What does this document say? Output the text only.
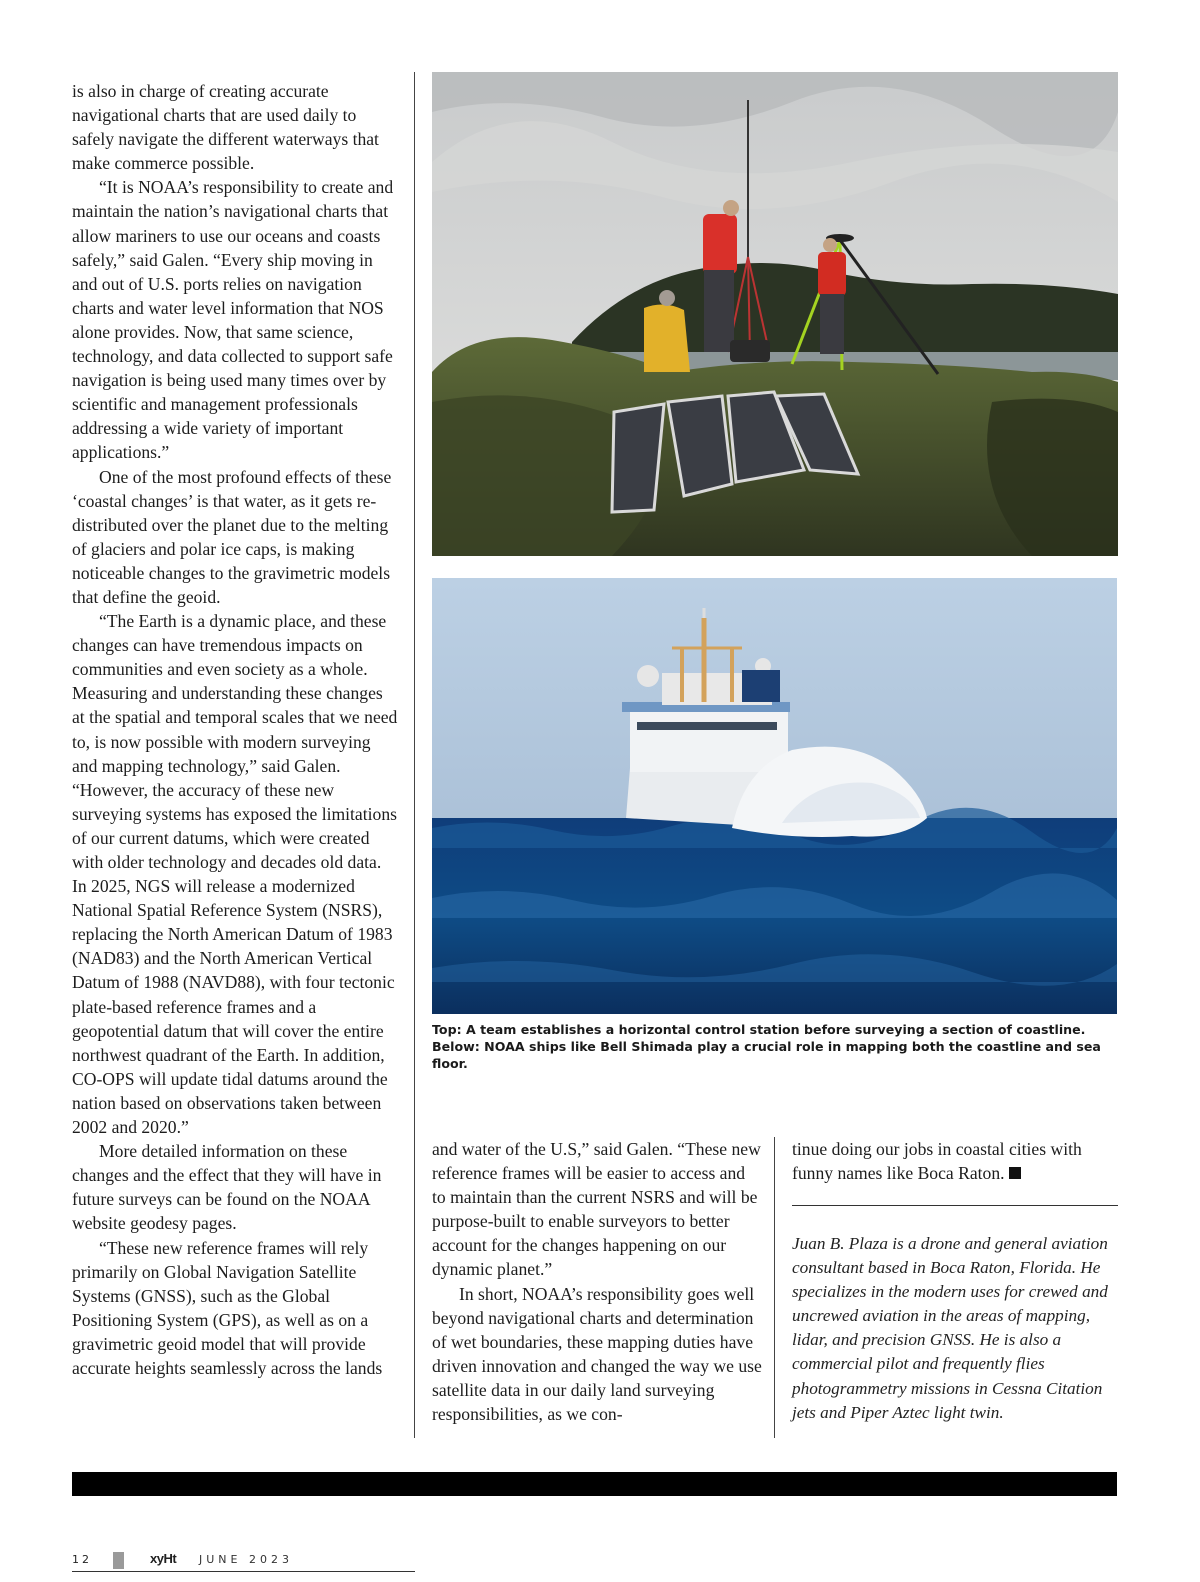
is also in charge of creating accurate navigational charts that are used daily to safely navigate the different waterways that make commerce possible.

“It is NOAA’s responsibility to create and maintain the nation’s navigational charts that allow mariners to use our oceans and coasts safely,” said Galen. “Every ship moving in and out of U.S. ports relies on navigation charts and water level information that NOS alone provides. Now, that same science, technology, and data collected to support safe navigation is being used many times over by scientific and management professionals addressing a wide variety of important applications.”

One of the most profound effects of these ‘coastal changes’ is that water, as it gets re-distributed over the planet due to the melting of glaciers and polar ice caps, is making noticeable changes to the gravimetric models that define the geoid.

“The Earth is a dynamic place, and these changes can have tremendous impacts on communities and even society as a whole. Measuring and understanding these changes at the spatial and temporal scales that we need to, is now possible with modern surveying and mapping technology,” said Galen. “However, the accuracy of these new surveying systems has exposed the limitations of our current datums, which were created with older technology and decades old data. In 2025, NGS will release a modernized National Spatial Reference System (NSRS), replacing the North American Datum of 1983 (NAD83) and the North American Vertical Datum of 1988 (NAVD88), with four tectonic plate-based reference frames and a geopotential datum that will cover the entire northwest quadrant of the Earth. In addition, CO-OPS will update tidal datums around the nation based on observations taken between 2002 and 2020.”

More detailed information on these changes and the effect that they will have in future surveys can be found on the NOAA website geodesy pages.

“These new reference frames will rely primarily on Global Navigation Satellite Systems (GNSS), such as the Global Positioning System (GPS), as well as on a gravimetric geoid model that will provide accurate heights seamlessly across the lands

Top: A team establishes a horizontal control station before surveying a section of coastline. Below: NOAA ships like Bell Shimada play a crucial role in mapping both the coastline and sea floor.

and water of the U.S,” said Galen. “These new reference frames will be easier to access and to maintain than the current NSRS and will be purpose-built to enable surveyors to better account for the changes happening on our dynamic planet.”

In short, NOAA’s responsibility goes well beyond navigational charts and determination of wet boundaries, these mapping duties have driven innovation and changed the way we use satellite data in our daily land surveying responsibilities, as we con-

tinue doing our jobs in coastal cities with funny names like Boca Raton.

Juan B. Plaza is a drone and general aviation consultant based in Boca Raton, Florida. He specializes in the modern uses for crewed and uncrewed aviation in the areas of mapping, lidar, and precision GNSS. He is also a commercial pilot and frequently flies photogrammetry missions in Cessna Citation jets and Piper Aztec light twin.
12	xyHt JUNE 2023
